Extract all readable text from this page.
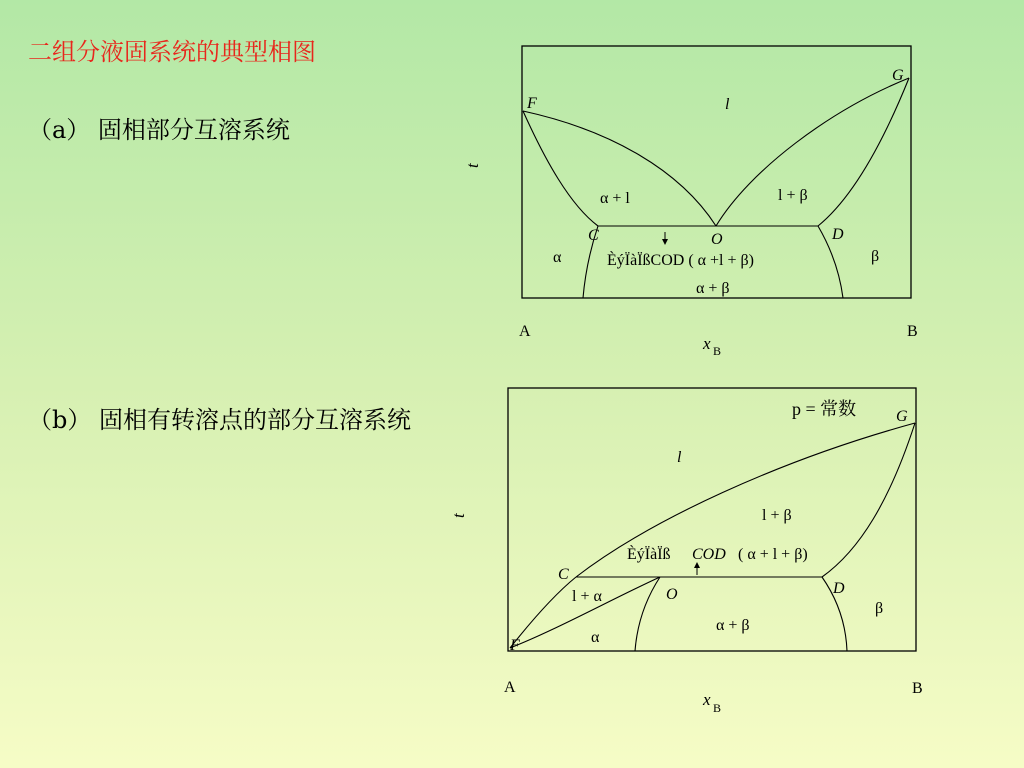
二组分液固系统的典型相图
（a） 固相部分互溶系统
（b） 固相有转溶点的部分互溶系统
t
A	B
x B
G
F
C	O	D
l
α + l	l + β
α	β
ÈýÏàÏßCOD ( α +l + β)
α + β
t
A	B
x B
p = 常数 G
F
C
O	D
l
l + β
ÈýÏàÏß COD ( α + l + β)
l + α
α + β
α
β
